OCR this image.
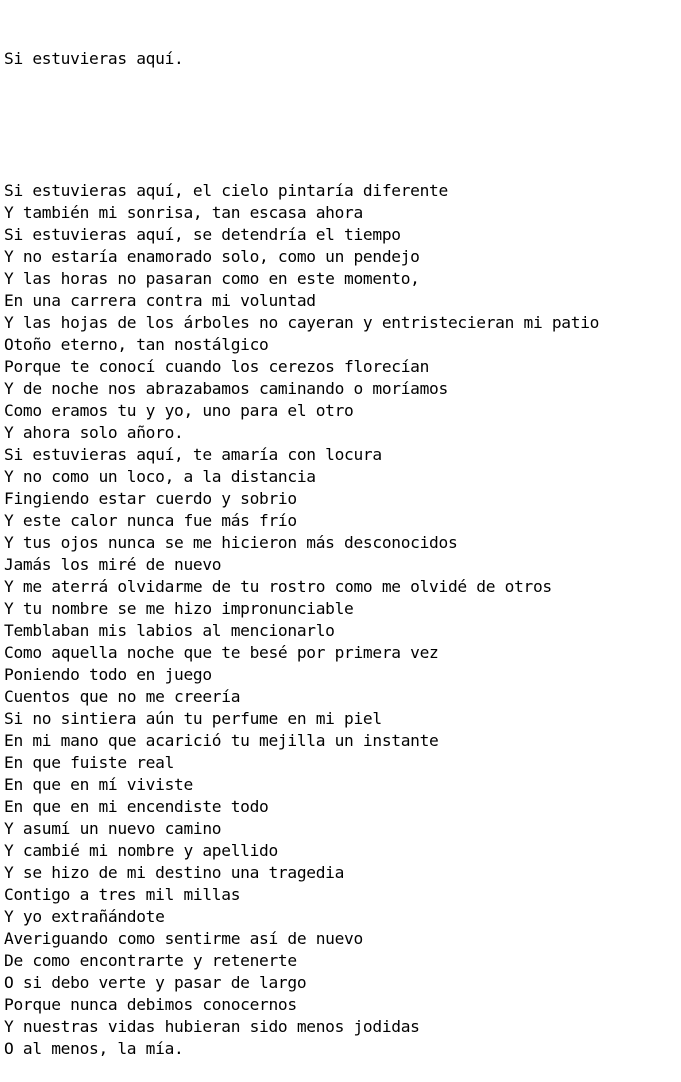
Si estuvieras aquí.

Si estuvieras aquí, el cielo pintaría diferente
Y también mi sonrisa, tan escasa ahora
Si estuvieras aquí, se detendría el tiempo
Y no estaría enamorado solo, como un pendejo
Y las horas no pasaran como en este momento,
En una carrera contra mi voluntad
Y las hojas de los árboles no cayeran y entristecieran mi patio
Otoño eterno, tan nostálgico
Porque te conocí cuando los cerezos florecían
Y de noche nos abrazabamos caminando o moríamos
Como eramos tu y yo, uno para el otro
Y ahora solo añoro.
Si estuvieras aquí, te amaría con locura
Y no como un loco, a la distancia
Fingiendo estar cuerdo y sobrio
Y este calor nunca fue más frío
Y tus ojos nunca se me hicieron más desconocidos
Jamás los miré de nuevo
Y me aterrá olvidarme de tu rostro como me olvidé de otros
Y tu nombre se me hizo impronunciable
Temblaban mis labios al mencionarlo
Como aquella noche que te besé por primera vez
Poniendo todo en juego
Cuentos que no me creería
Si no sintiera aún tu perfume en mi piel
En mi mano que acarició tu mejilla un instante
En que fuiste real
En que en mí viviste
En que en mi encendiste todo
Y asumí un nuevo camino
Y cambié mi nombre y apellido
Y se hizo de mi destino una tragedia
Contigo a tres mil millas
Y yo extrañándote
Averiguando como sentirme así de nuevo
De como encontrarte y retenerte
O si debo verte y pasar de largo
Porque nunca debimos conocernos
Y nuestras vidas hubieran sido menos jodidas
O al menos, la mía.
